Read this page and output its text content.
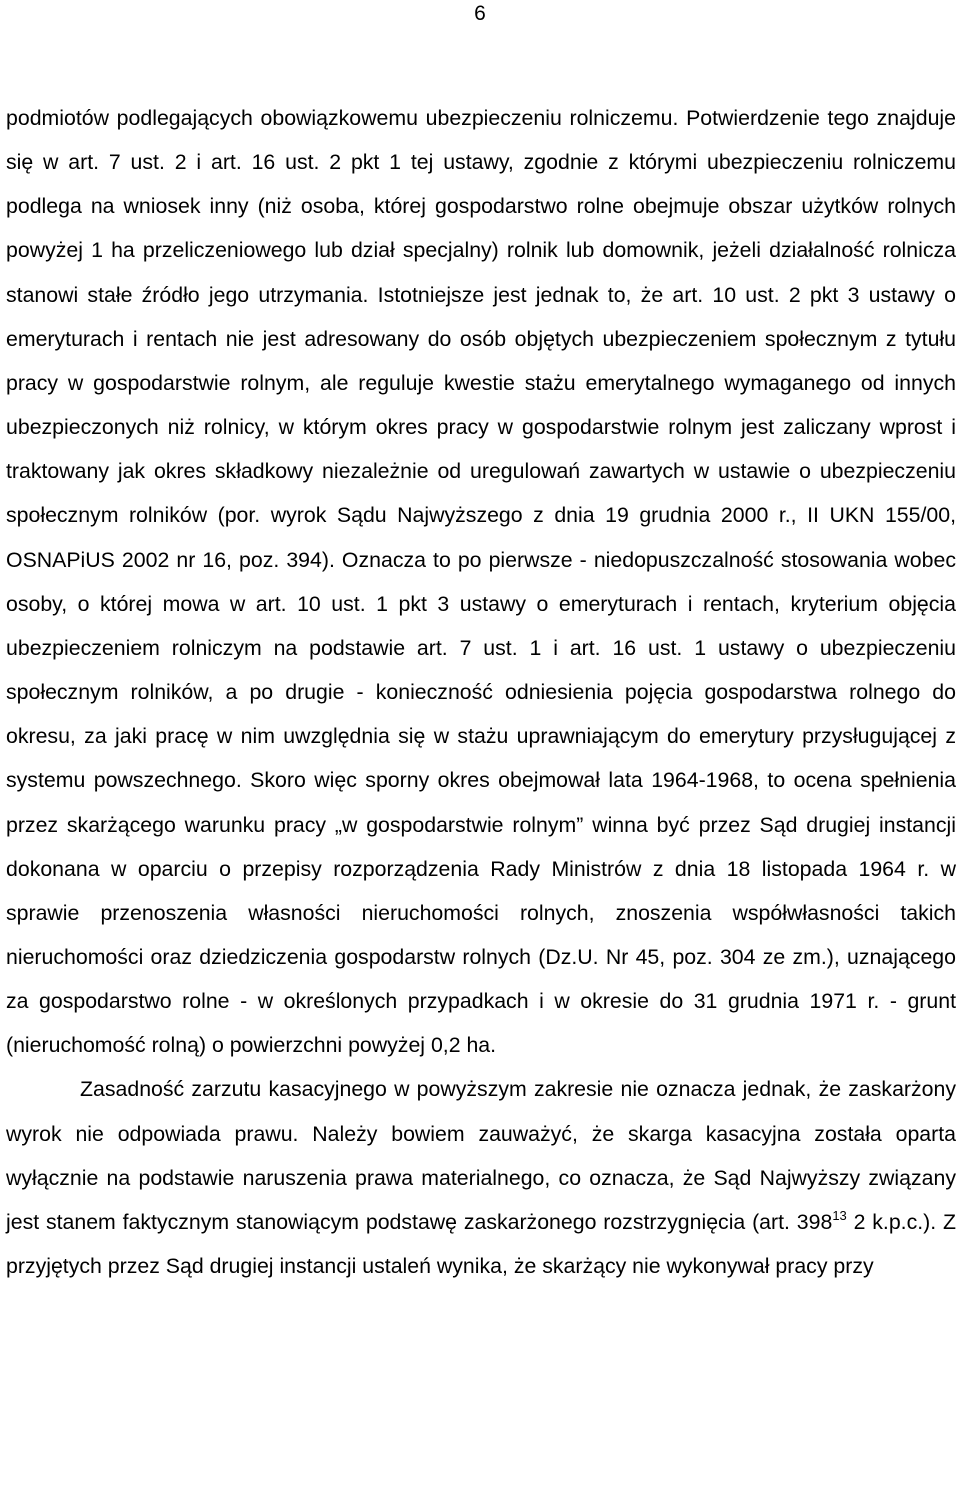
6

podmiotów podlegających obowiązkowemu ubezpieczeniu rolniczemu. Potwierdzenie tego znajduje się w art. 7 ust. 2 i art. 16 ust. 2 pkt 1 tej ustawy, zgodnie z którymi ubezpieczeniu rolniczemu podlega na wniosek inny (niż osoba, której gospodarstwo rolne obejmuje obszar użytków rolnych powyżej 1 ha przeliczeniowego lub dział specjalny) rolnik lub domownik, jeżeli działalność rolnicza stanowi stałe źródło jego utrzymania. Istotniejsze jest jednak to, że art. 10 ust. 2 pkt 3 ustawy o emeryturach i rentach nie jest adresowany do osób objętych ubezpieczeniem społecznym z tytułu pracy w gospodarstwie rolnym, ale reguluje kwestie stażu emerytalnego wymaganego od innych ubezpieczonych niż rolnicy, w którym okres pracy w gospodarstwie rolnym jest zaliczany wprost i traktowany jak okres składkowy niezależnie od uregulowań zawartych w ustawie o ubezpieczeniu społecznym rolników (por. wyrok Sądu Najwyższego z dnia 19 grudnia 2000 r., II UKN 155/00, OSNAPiUS 2002 nr 16, poz. 394). Oznacza to po pierwsze - niedopuszczalność stosowania wobec osoby, o której mowa w art. 10 ust. 1 pkt 3 ustawy o emeryturach i rentach, kryterium objęcia ubezpieczeniem rolniczym na podstawie art. 7 ust. 1 i art. 16 ust. 1 ustawy o ubezpieczeniu społecznym rolników, a po drugie - konieczność odniesienia pojęcia gospodarstwa rolnego do okresu, za jaki pracę w nim uwzględnia się w stażu uprawniającym do emerytury przysługującej z systemu powszechnego. Skoro więc sporny okres obejmował lata 1964-1968, to ocena spełnienia przez skarżącego warunku pracy „w gospodarstwie rolnym” winna być przez Sąd drugiej instancji dokonana w oparciu o przepisy rozporządzenia Rady Ministrów z dnia 18 listopada 1964 r. w sprawie przenoszenia własności nieruchomości rolnych, znoszenia współwłasności takich nieruchomości oraz dziedziczenia gospodarstw rolnych (Dz.U. Nr 45, poz. 304 ze zm.), uznającego za gospodarstwo rolne - w określonych przypadkach i w okresie do 31 grudnia 1971 r. - grunt (nieruchomość rolną) o powierzchni powyżej 0,2 ha.

Zasadność zarzutu kasacyjnego w powyższym zakresie nie oznacza jednak, że zaskarżony wyrok nie odpowiada prawu. Należy bowiem zauważyć, że skarga kasacyjna została oparta wyłącznie na podstawie naruszenia prawa materialnego, co oznacza, że Sąd Najwyższy związany jest stanem faktycznym stanowiącym podstawę zaskarżonego rozstrzygnięcia (art. $398^{13}$ 2 k.p.c.). Z przyjętych przez Sąd drugiej instancji ustaleń wynika, że skarżący nie wykonywał pracy przy
